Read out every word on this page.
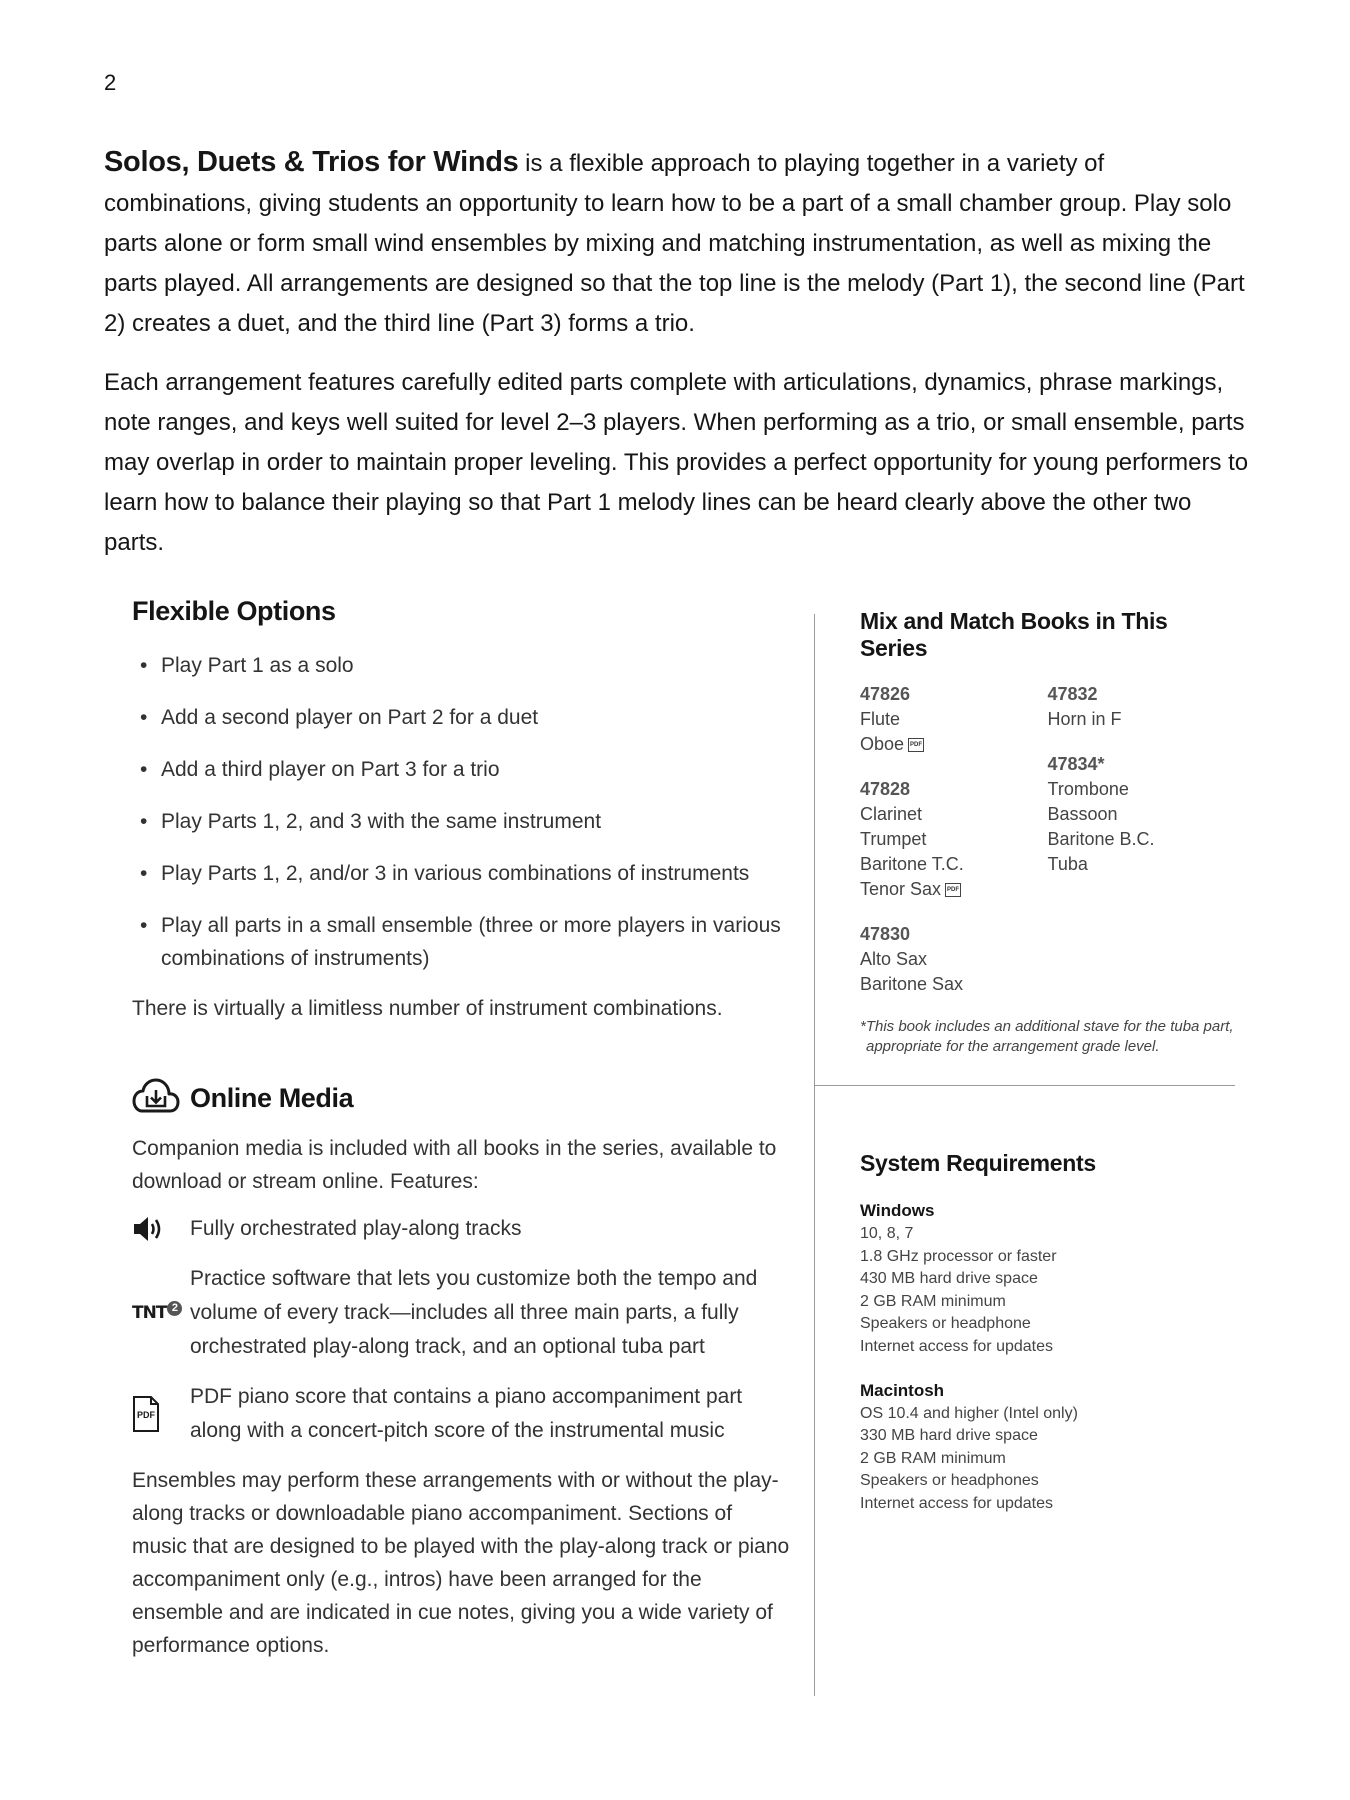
2

Solos, Duets & Trios for Winds is a flexible approach to playing together in a variety of combinations, giving students an opportunity to learn how to be a part of a small chamber group. Play solo parts alone or form small wind ensembles by mixing and matching instrumentation, as well as mixing the parts played. All arrangements are designed so that the top line is the melody (Part 1), the second line (Part 2) creates a duet, and the third line (Part 3) forms a trio.

Each arrangement features carefully edited parts complete with articulations, dynamics, phrase markings, note ranges, and keys well suited for level 2–3 players. When performing as a trio, or small ensemble, parts may overlap in order to maintain proper leveling. This provides a perfect opportunity for young performers to learn how to balance their playing so that Part 1 melody lines can be heard clearly above the other two parts.

Flexible Options
• Play Part 1 as a solo
• Add a second player on Part 2 for a duet
• Add a third player on Part 3 for a trio
• Play Parts 1, 2, and 3 with the same instrument
• Play Parts 1, 2, and/or 3 in various combinations of instruments
• Play all parts in a small ensemble (three or more players in various combinations of instruments)

There is virtually a limitless number of instrument combinations.

Online Media

Companion media is included with all books in the series, available to download or stream online. Features:

Fully orchestrated play-along tracks
TNT 2
Practice software that lets you customize both the tempo and volume of every track—includes all three main parts, a fully orchestrated play-along track, and an optional tuba part
PDF
PDF piano score that contains a piano accompaniment part along with a concert-pitch score of the instrumental music

Ensembles may perform these arrangements with or without the play-along tracks or downloadable piano accompaniment. Sections of music that are designed to be played with the play-along track or piano accompaniment only (e.g., intros) have been arranged for the ensemble and are indicated in cue notes, giving you a wide variety of performance options.

Mix and Match Books in This Series
47826
Flute
Oboe	PDF
47828
Clarinet
Trumpet
Baritone T.C.
Tenor Sax	PDF
47830
Alto Sax
Baritone Sax
47832
Horn in F
47834*
Trombone
Bassoon
Baritone B.C.
Tuba
*This book includes an additional stave for the tuba part,
appropriate for the arrangement grade level.
System Requirements
Windows
10, 8, 7
1.8 GHz processor or faster
430 MB hard drive space
2 GB RAM minimum
Speakers or headphone
Internet access for updates
Macintosh
OS 10.4 and higher (Intel only)
330 MB hard drive space
2 GB RAM minimum
Speakers or headphones
Internet access for updates
